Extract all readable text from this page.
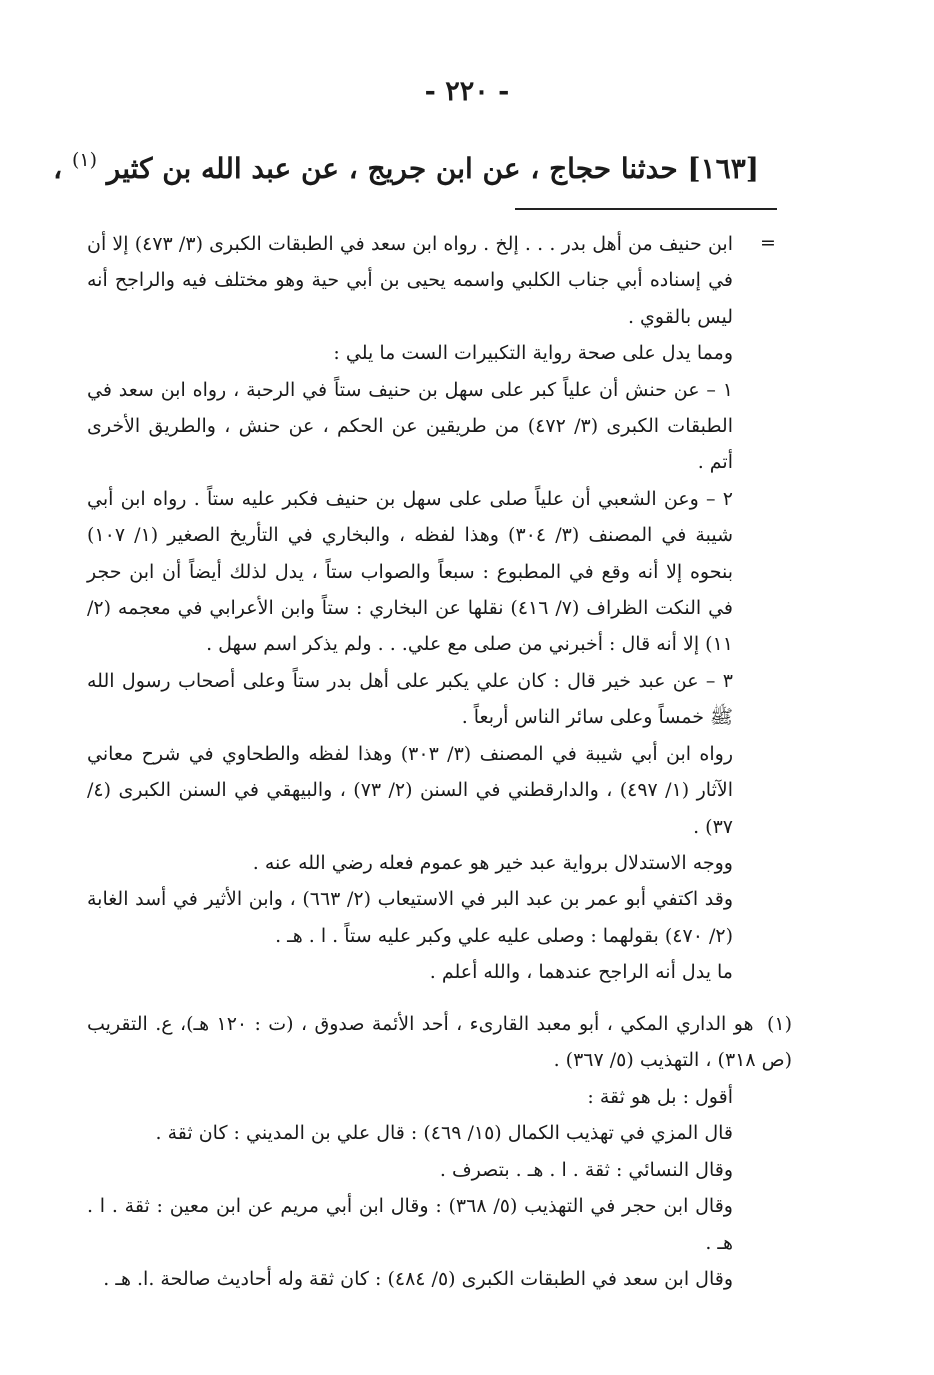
- ٢٢٠ -
[١٦٣] حدثنا حجاج ، عن ابن جريج ، عن عبد الله بن كثير $^{(١)}$ ،
=

ابن حنيف من أهل بدر . . . إلخ . رواه ابن سعد في الطبقات الكبرى (٣/ ٤٧٣) إلا أن في إسناده أبي جناب الكلبي واسمه يحيى بن أبي حية وهو مختلف فيه والراجح أنه ليس بالقوي .

ومما يدل على صحة رواية التكبيرات الست ما يلي :

١ – عن حنش أن علياً كبر على سهل بن حنيف ستاً في الرحبة ، رواه ابن سعد في الطبقات الكبرى (٣/ ٤٧٢) من طريقين عن الحكم ، عن حنش ، والطريق الأخرى أتم .

٢ – وعن الشعبي أن علياً صلى على سهل بن حنيف فكبر عليه ستاً . رواه ابن أبي شيبة في المصنف (٣/ ٣٠٤) وهذا لفظه ، والبخاري في التأريخ الصغير (١/ ١٠٧) بنحوه إلا أنه وقع في المطبوع : سبعاً والصواب ستاً ، يدل لذلك أيضاً أن ابن حجر في النكت الظراف (٧/ ٤١٦) نقلها عن البخاري : ستاً وابن الأعرابي في معجمه (٢/ ١١) إلا أنه قال : أخبرني من صلى مع علي. . . ولم يذكر اسم سهل .

٣ – عن عبد خير قال : كان علي يكبر على أهل بدر ستاً وعلى أصحاب رسول الله ﷺ خمساً وعلى سائر الناس أربعاً .

رواه ابن أبي شيبة في المصنف (٣/ ٣٠٣) وهذا لفظه والطحاوي في شرح معاني الآثار (١/ ٤٩٧) ، والدارقطني في السنن (٢/ ٧٣) ، والبيهقي في السنن الكبرى (٤/ ٣٧) .

ووجه الاستدلال برواية عبد خير هو عموم فعله رضي الله عنه .

وقد اكتفي أبو عمر بن عبد البر في الاستيعاب (٢/ ٦٦٣) ، وابن الأثير في أسد الغابة (٢/ ٤٧٠) بقولهما : وصلى عليه علي وكبر عليه ستاً . ا . هـ .

ما يدل أنه الراجح عندهما ، والله أعلم .

(١) هو الداري المكي ، أبو معبد القارىء ، أحد الأئمة صدوق ، (ت : ١٢٠ هـ)، ع. التقريب (ص ٣١٨) ، التهذيب (٥/ ٣٦٧) .

أقول : بل هو ثقة :

قال المزي في تهذيب الكمال (١٥/ ٤٦٩) : قال علي بن المديني : كان ثقة .

وقال النسائي : ثقة . ا . هـ . بتصرف .

وقال ابن حجر في التهذيب (٥/ ٣٦٨) : وقال ابن أبي مريم عن ابن معين : ثقة . ا . هـ .

وقال ابن سعد في الطبقات الكبرى (٥/ ٤٨٤) : كان ثقة وله أحاديث صالحة .ا. هـ .
